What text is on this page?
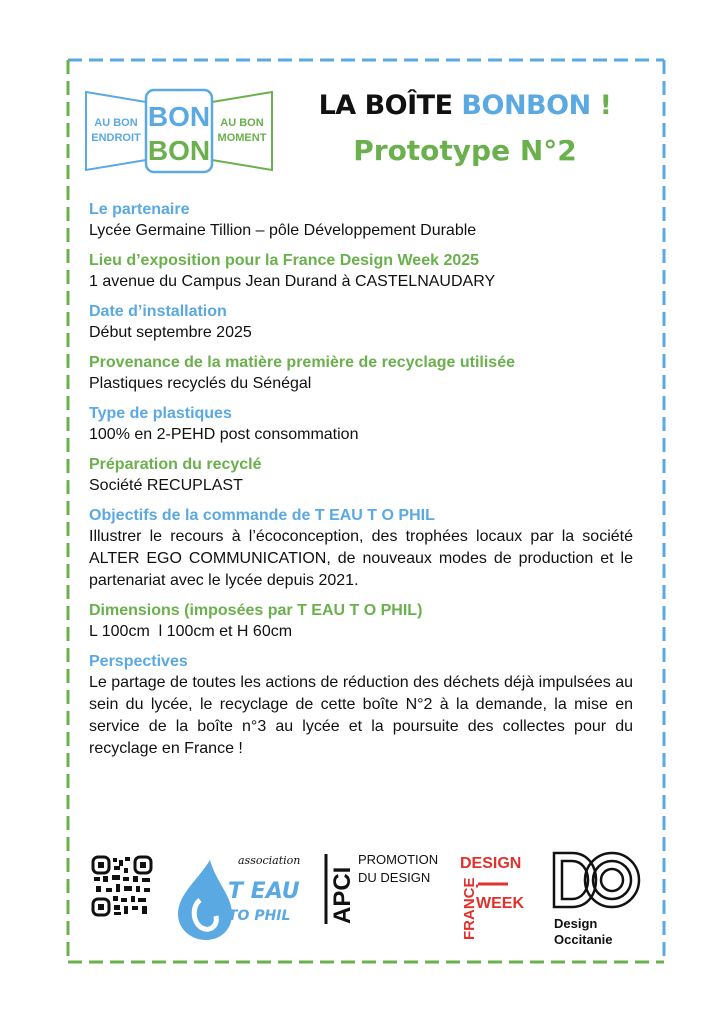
AU BON
ENDROIT
BON
BON
AU BON
MOMENT
LA BOÎTE BONBON !
Prototype N°2
Le partenaire
Lycée Germaine Tillion – pôle Développement Durable
Lieu d’exposition pour la France Design Week 2025
1 avenue du Campus Jean Durand à CASTELNAUDARY
Date d’installation
Début septembre 2025
Provenance de la matière première de recyclage utilisée
Plastiques recyclés du Sénégal
Type de plastiques
100% en 2-PEHD post consommation
Préparation du recyclé
Société RECUPLAST
Objectifs de la commande de T EAU T O PHIL
Illustrer le recours à l’écoconception, des trophées locaux par la société ALTER EGO COMMUNICATION, de nouveaux modes de production et le partenariat avec le lycée depuis 2021.
Dimensions (imposées par T EAU T O PHIL)
L 100cm  l 100cm et H 60cm
Perspectives
Le partage de toutes les actions de réduction des déchets déjà impulsées au sein du lycée, le recyclage de cette boîte N°2 à la demande, la mise en service de la boîte n°3 au lycée et la poursuite des collectes pour du recyclage en France !
association
T EAU
TO PHIL APCI
PROMOTION
DU DESIGN
DESIGN
WEEK
FRANCE	Design
Occitanie
